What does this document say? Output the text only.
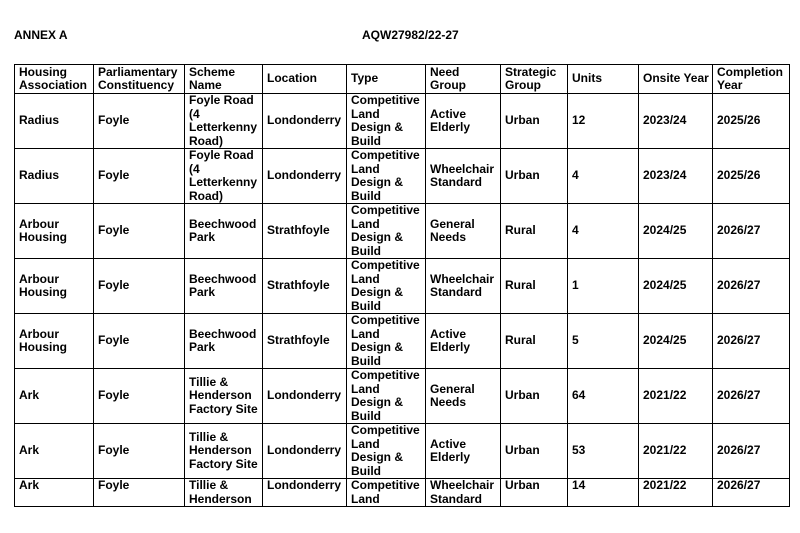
ANNEX A	AQW27982/22-27
Housing Association	Parliamentary Constituency	Scheme Name	Location	Type	Need Group	Strategic Group	Units	Onsite Year	Completion Year
Radius	Foyle	Foyle Road (4 Letterkenny Road)	Londonderry	Competitive Land Design & Build	Active Elderly	Urban	12	2023/24	2025/26
Radius	Foyle	Foyle Road (4 Letterkenny Road)	Londonderry	Competitive Land Design & Build	Wheelchair Standard	Urban	4	2023/24	2025/26
Arbour Housing	Foyle	Beechwood Park	Strathfoyle	Competitive Land Design & Build	General Needs	Rural	4	2024/25	2026/27
Arbour Housing	Foyle	Beechwood Park	Strathfoyle	Competitive Land Design & Build	Wheelchair Standard	Rural	1	2024/25	2026/27
Arbour Housing	Foyle	Beechwood Park	Strathfoyle	Competitive Land Design & Build	Active Elderly	Rural	5	2024/25	2026/27
Ark	Foyle	Tillie & Henderson Factory Site	Londonderry	Competitive Land Design & Build	General Needs	Urban	64	2021/22	2026/27
Ark	Foyle	Tillie & Henderson Factory Site	Londonderry	Competitive Land Design & Build	Active Elderly	Urban	53	2021/22	2026/27
Ark	Foyle	Tillie & Henderson	Londonderry	Competitive Land	Wheelchair Standard	Urban	14	2021/22	2026/27
